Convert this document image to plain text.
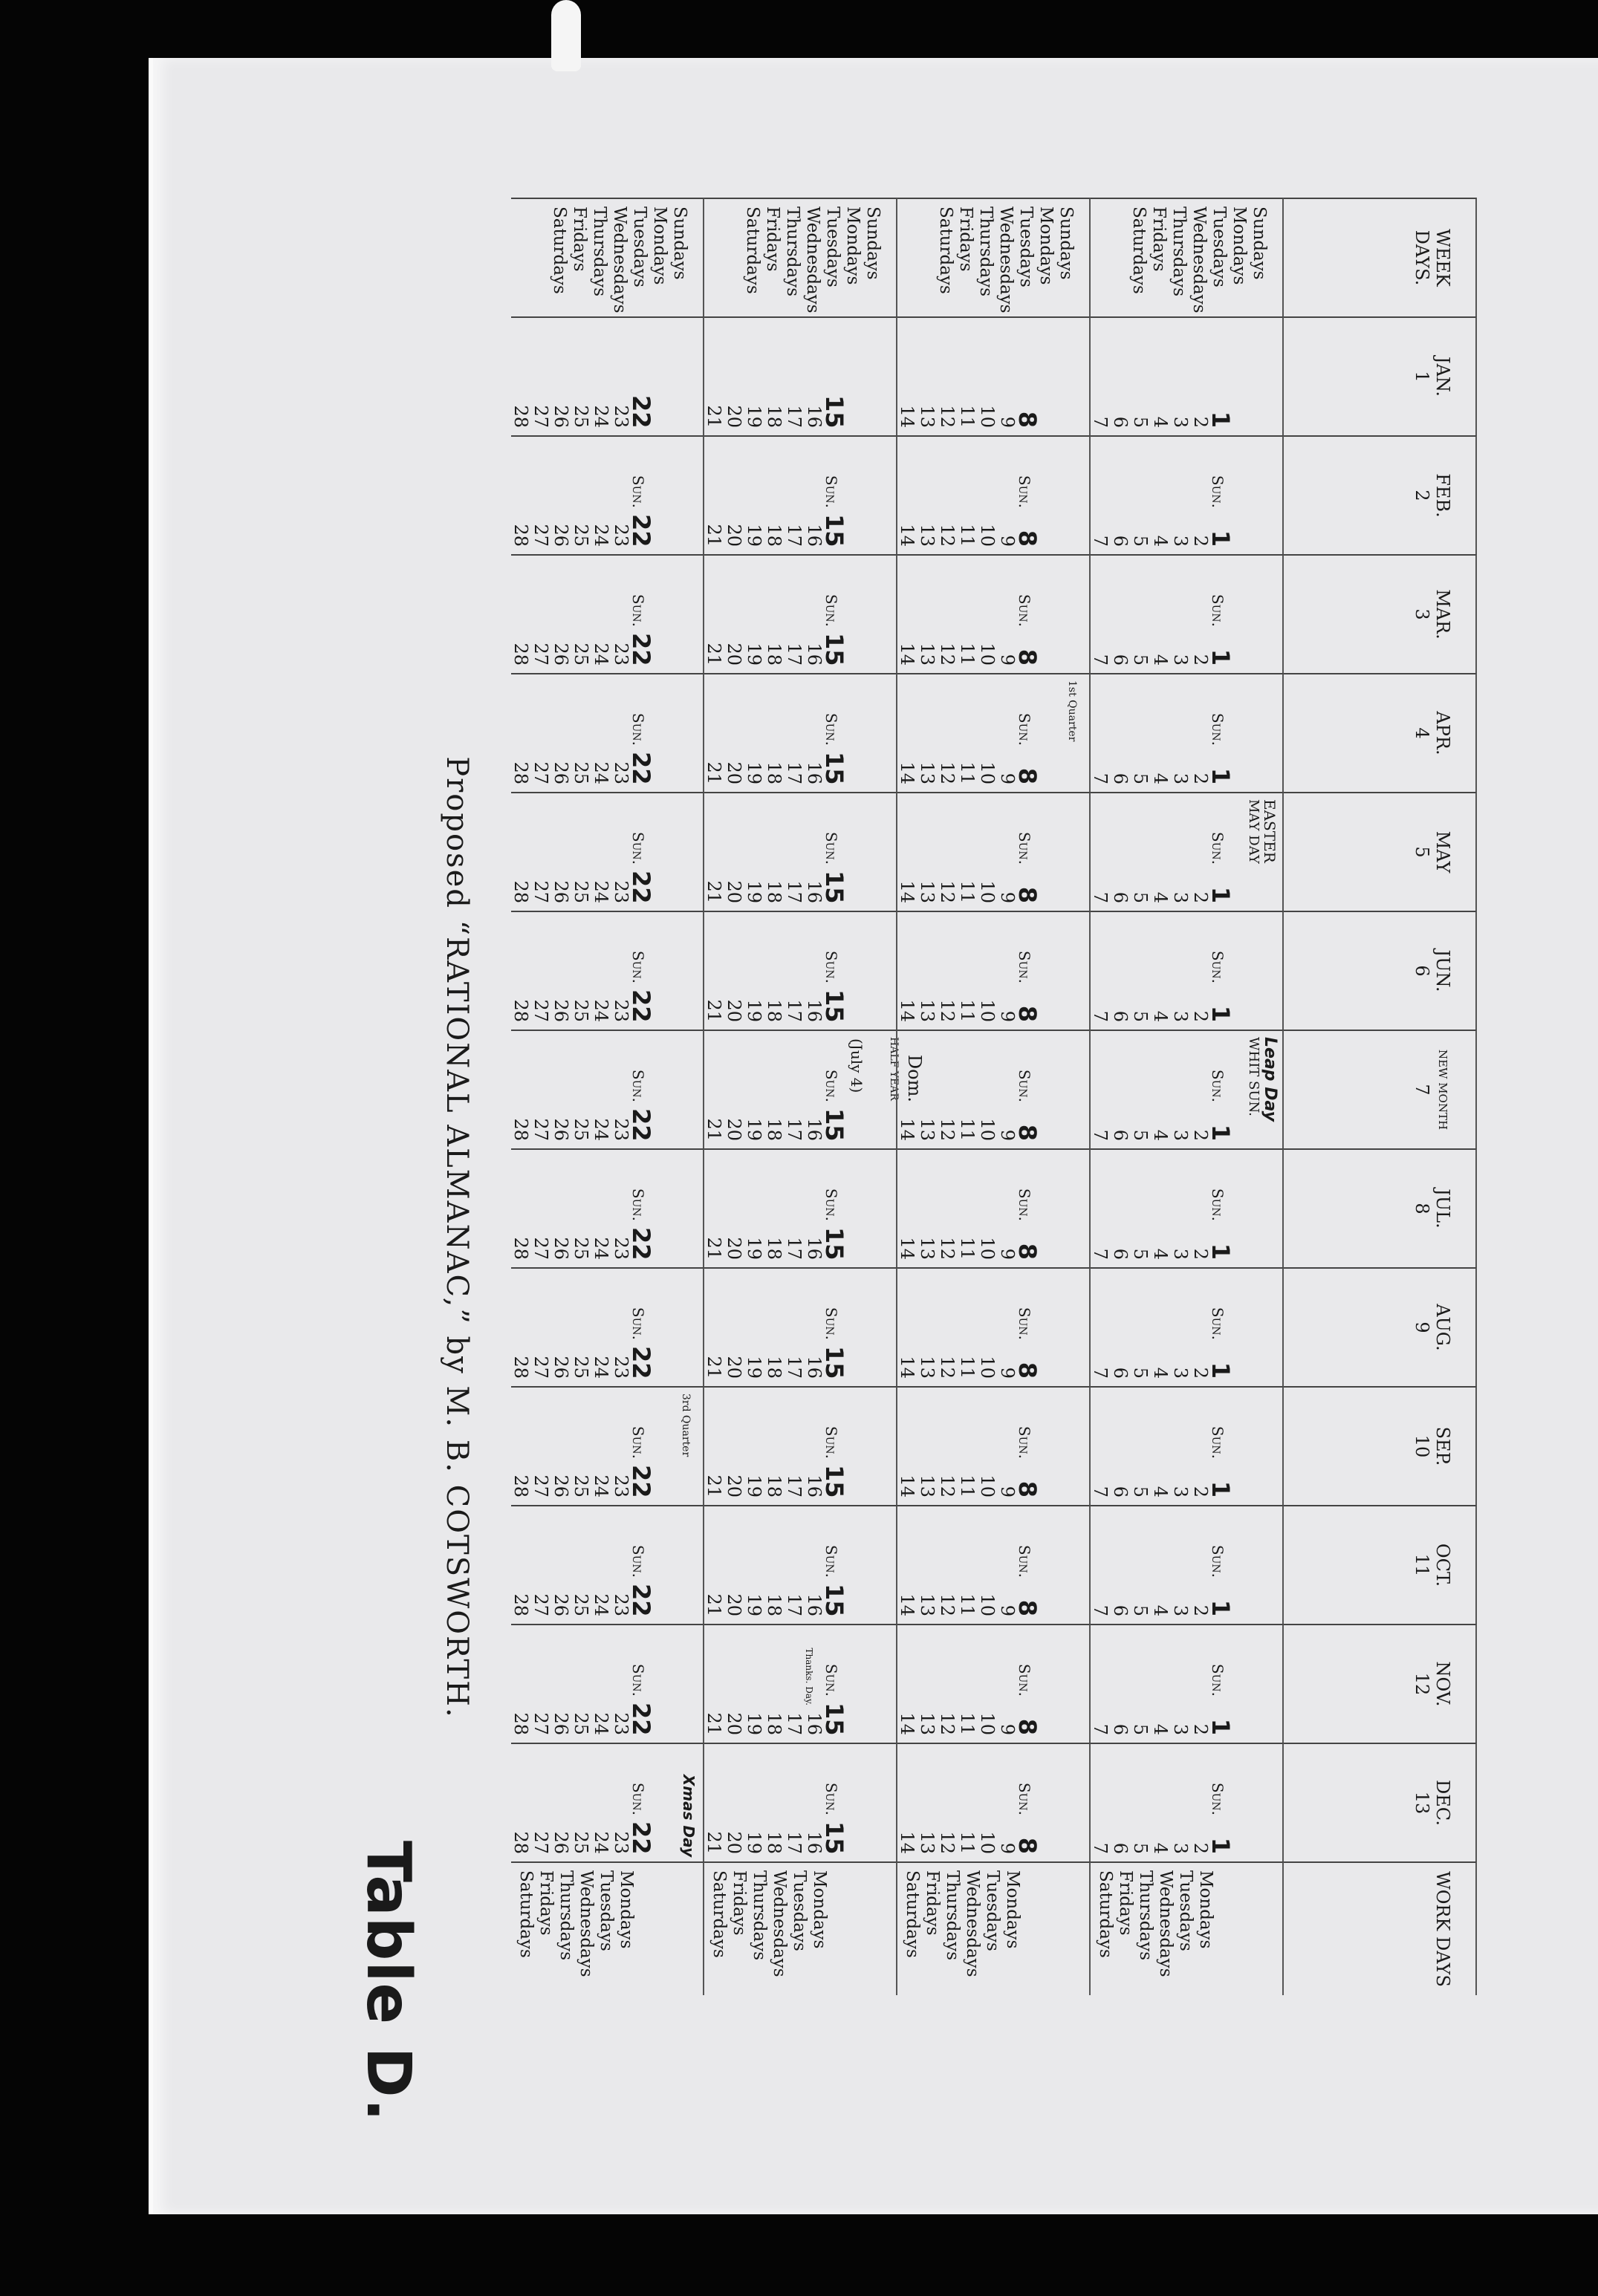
WEEK DAYS.
JAN.
1
FEB.
2
MAR.
3
APR.
4
MAY
5
JUN.
6
NEW MONTH
7
JUL.
8
AUG.
9
SEP.
10
OCT.
11
NOV.
12
DEC.
13
WORK DAYS
Sundays
Mondays
Tuesdays
Wednesdays
Thursdays
Fridays
Saturdays
1
2
3
4
5
6
7
Sun.
1
2
3
4
5
6
7
Sun.
1
2
3
4
5
6
7
Sun.
1
2
3
4
5
6
7
Sun.
1
2
3
4
5
6
7
EASTER
MAY DAY
Sun.
1
2
3
4
5
6
7
Sun.
1
2
3
4
5
6
7
Leap Day
WHIT SUN.
Sun.
1
2
3
4
5
6
7
Sun.
1
2
3
4
5
6
7
Sun.
1
2
3
4
5
6
7
Sun.
1
2
3
4
5
6
7
Sun.
1
2
3
4
5
6
7
Sun.
1
2
3
4
5
6
7
Mondays
Tuesdays
Wednesdays
Thursdays
Fridays
Saturdays
Sundays
Mondays
Tuesdays
Wednesdays
Thursdays
Fridays
Saturdays
8
9
10
11
12
13
14
Sun.
8
9
10
11
12
13
14
Sun.
8
9
10
11
12
13
14
Sun.
8
9
10
11
12
13
14
1st Quarter
Sun.
8
9
10
11
12
13
14
Sun.
8
9
10
11
12
13
14
Sun.
8
9
10
11
12
13
14
Dom.
HALF YEAR
Sun.
8
9
10
11
12
13
14
Sun.
8
9
10
11
12
13
14
Sun.
8
9
10
11
12
13
14
Sun.
8
9
10
11
12
13
14
Sun.
8
9
10
11
12
13
14
Sun.
8
9
10
11
12
13
14
Mondays
Tuesdays
Wednesdays
Thursdays
Fridays
Saturdays
Sundays
Mondays
Tuesdays
Wednesdays
Thursdays
Fridays
Saturdays
15
16
17
18
19
20
21
Sun.
15
16
17
18
19
20
21
Sun.
15
16
17
18
19
20
21
Sun.
15
16
17
18
19
20
21
Sun.
15
16
17
18
19
20
21
Sun.
15
16
17
18
19
20
21
Sun.
15
16
17
18
19
20
21
(July 4)
Sun.
15
16
17
18
19
20
21
Sun.
15
16
17
18
19
20
21
Sun.
15
16
17
18
19
20
21
Sun.
15
16
17
18
19
20
21
Sun.
15
16
17
18
19
20
21
Thanks. Day.
Sun.
15
16
17
18
19
20
21
Mondays
Tuesdays
Wednesdays
Thursdays
Fridays
Saturdays
Sundays
Mondays
Tuesdays
Wednesdays
Thursdays
Fridays
Saturdays
22
23
24
25
26
27
28
Sun.
22
23
24
25
26
27
28
Sun.
22
23
24
25
26
27
28
Sun.
22
23
24
25
26
27
28
Sun.
22
23
24
25
26
27
28
Sun.
22
23
24
25
26
27
28
Sun.
22
23
24
25
26
27
28
Sun.
22
23
24
25
26
27
28
Sun.
22
23
24
25
26
27
28
Sun.
22
23
24
25
26
27
28
3rd Quarter
Sun.
22
23
24
25
26
27
28
Sun.
22
23
24
25
26
27
28
Sun.
22
23
24
25
26
27
28	Xmas Day
Mondays
Tuesdays
Wednesdays
Thursdays
Fridays
Saturdays
Proposed “RATIONAL ALMANAC,” by M. B. COTSWORTH.
Table D.
